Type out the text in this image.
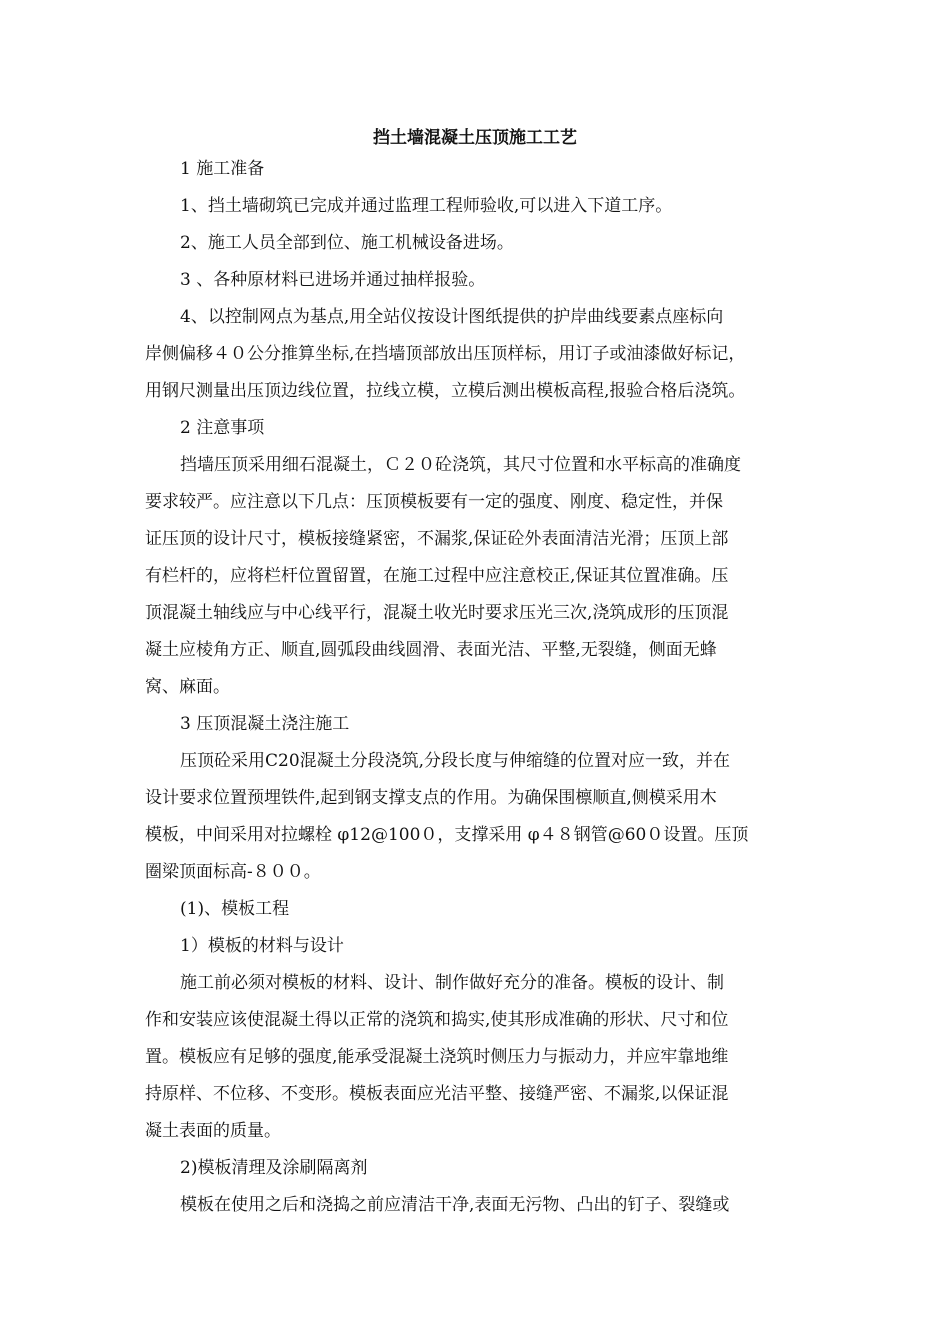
挡土墙混凝土压顶施工工艺
1 施工准备
1、挡土墙砌筑已完成并通过监理工程师验收,可以进入下道工序。
2、施工人员全部到位、施工机械设备进场。
3 、各种原材料已进场并通过抽样报验。
4、以控制网点为基点,用全站仪按设计图纸提供的护岸曲线要素点座标向
岸侧偏移４０公分推算坐标,在挡墙顶部放出压顶样标，用订子或油漆做好标记，
用钢尺测量出压顶边线位置，拉线立模，立模后测出模板高程,报验合格后浇筑。
2 注意事项
挡墙压顶采用细石混凝土，Ｃ２０砼浇筑，其尺寸位置和水平标高的准确度
要求较严。应注意以下几点：压顶模板要有一定的强度、刚度、稳定性，并保
证压顶的设计尺寸，模板接缝紧密，不漏浆,保证砼外表面清洁光滑；压顶上部
有栏杆的，应将栏杆位置留置，在施工过程中应注意校正,保证其位置准确。压
顶混凝土轴线应与中心线平行，混凝土收光时要求压光三次,浇筑成形的压顶混
凝土应棱角方正、顺直,圆弧段曲线圆滑、表面光洁、平整,无裂缝，侧面无蜂
窝、麻面。
3 压顶混凝土浇注施工
压顶砼采用C20混凝土分段浇筑,分段长度与伸缩缝的位置对应一致，并在
设计要求位置预埋铁件,起到钢支撑支点的作用。为确保围檩顺直,侧模采用木
模板，中间采用对拉螺栓 φ12@100０，支撑采用 φ４８钢管@60０设置。压顶
圈梁顶面标高-８００。
(1)、模板工程
1）模板的材料与设计
施工前必须对模板的材料、设计、制作做好充分的准备。模板的设计、制
作和安装应该使混凝土得以正常的浇筑和捣实,使其形成准确的形状、尺寸和位
置。模板应有足够的强度,能承受混凝土浇筑时侧压力与振动力，并应牢靠地维
持原样、不位移、不变形。模板表面应光洁平整、接缝严密、不漏浆,以保证混
凝土表面的质量。
2)模板清理及涂刷隔离剂
模板在使用之后和浇捣之前应清洁干净,表面无污物、凸出的钉子、裂缝或
